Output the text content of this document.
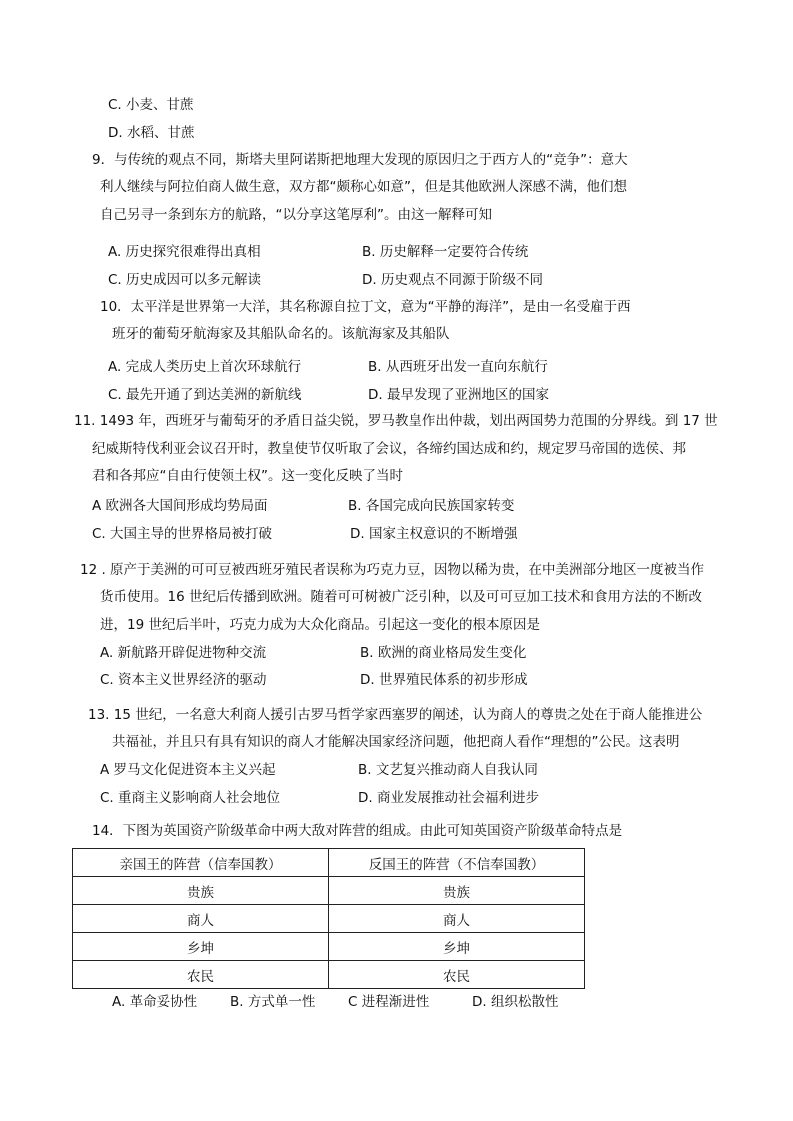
C. 小麦、甘蔗
D. 水稻、甘蔗
9．与传统的观点不同，斯塔夫里阿诺斯把地理大发现的原因归之于西方人的“竞争”：意大
利人继续与阿拉伯商人做生意，双方都“颇称心如意”，但是其他欧洲人深感不满，他们想
自己另寻一条到东方的航路，“以分享这笔厚利”。由这一解释可知
A. 历史探究很难得出真相	B. 历史解释一定要符合传统
C. 历史成因可以多元解读	D. 历史观点不同源于阶级不同
10．太平洋是世界第一大洋，其名称源自拉丁文，意为“平静的海洋”，是由一名受雇于西
班牙的葡萄牙航海家及其船队命名的。该航海家及其船队
A. 完成人类历史上首次环球航行	B. 从西班牙出发一直向东航行
C. 最先开通了到达美洲的新航线	D. 最早发现了亚洲地区的国家
11. 1493 年，西班牙与葡萄牙的矛盾日益尖锐，罗马教皇作出仲裁，划出两国势力范围的分界线。到 17 世
纪威斯特伐利亚会议召开时，教皇使节仅听取了会议，各缔约国达成和约，规定罗马帝国的选侯、邦
君和各邦应“自由行使领土权”。这一变化反映了当时
A 欧洲各大国间形成均势局面	B. 各国完成向民族国家转变
C. 大国主导的世界格局被打破	D. 国家主权意识的不断增强
12 . 原产于美洲的可可豆被西班牙殖民者误称为巧克力豆，因物以稀为贵，在中美洲部分地区一度被当作
货币使用。16 世纪后传播到欧洲。随着可可树被广泛引种，以及可可豆加工技术和食用方法的不断改
进，19 世纪后半叶，巧克力成为大众化商品。引起这一变化的根本原因是
A. 新航路开辟促进物种交流	B. 欧洲的商业格局发生变化
C. 资本主义世界经济的驱动	D. 世界殖民体系的初步形成
13. 15 世纪，一名意大利商人援引古罗马哲学家西塞罗的阐述，认为商人的尊贵之处在于商人能推进公
共福祉，并且只有具有知识的商人才能解决国家经济问题，他把商人看作“理想的”公民。这表明
A 罗马文化促进资本主义兴起	B. 文艺复兴推动商人自我认同
C. 重商主义影响商人社会地位	D. 商业发展推动社会福利进步
14．下图为英国资产阶级革命中两大敌对阵营的组成。由此可知英国资产阶级革命特点是
亲国王的阵营（信奉国教）	反国王的阵营（不信奉国教）
贵族	贵族
商人	商人
乡坤	乡坤
农民	农民
A. 革命妥协性 B. 方式单一性 C 进程渐进性	D. 组织松散性
